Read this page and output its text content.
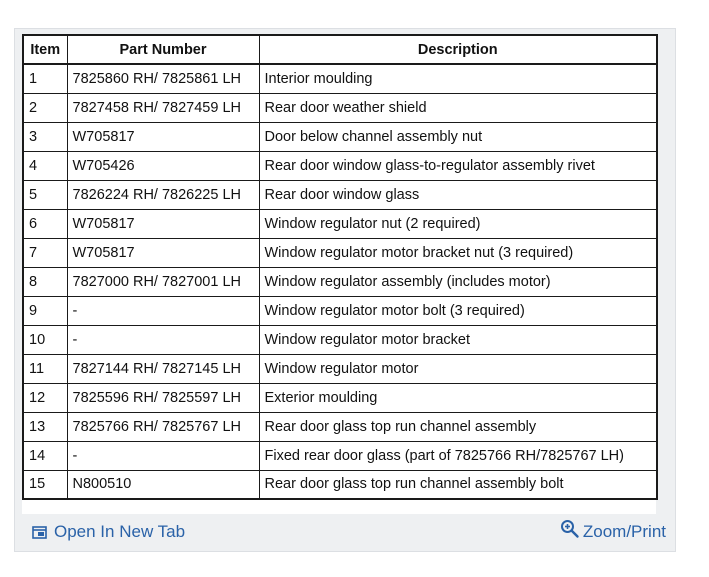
Item	Part Number	Description
1	7825860 RH/ 7825861 LH	Interior moulding
2	7827458 RH/ 7827459 LH	Rear door weather shield
3	W705817	Door below channel assembly nut
4	W705426	Rear door window glass-to-regulator assembly rivet
5	7826224 RH/ 7826225 LH	Rear door window glass
6	W705817	Window regulator nut (2 required)
7	W705817	Window regulator motor bracket nut (3 required)
8	7827000 RH/ 7827001 LH	Window regulator assembly (includes motor)
9	-	Window regulator motor bolt (3 required)
10	-	Window regulator motor bracket
11	7827144 RH/ 7827145 LH	Window regulator motor
12	7825596 RH/ 7825597 LH	Exterior moulding
13	7825766 RH/ 7825767 LH	Rear door glass top run channel assembly
14	-	Fixed rear door glass (part of 7825766 RH/7825767 LH)
15	N800510	Rear door glass top run channel assembly bolt
Open In New Tab	Zoom/Print
